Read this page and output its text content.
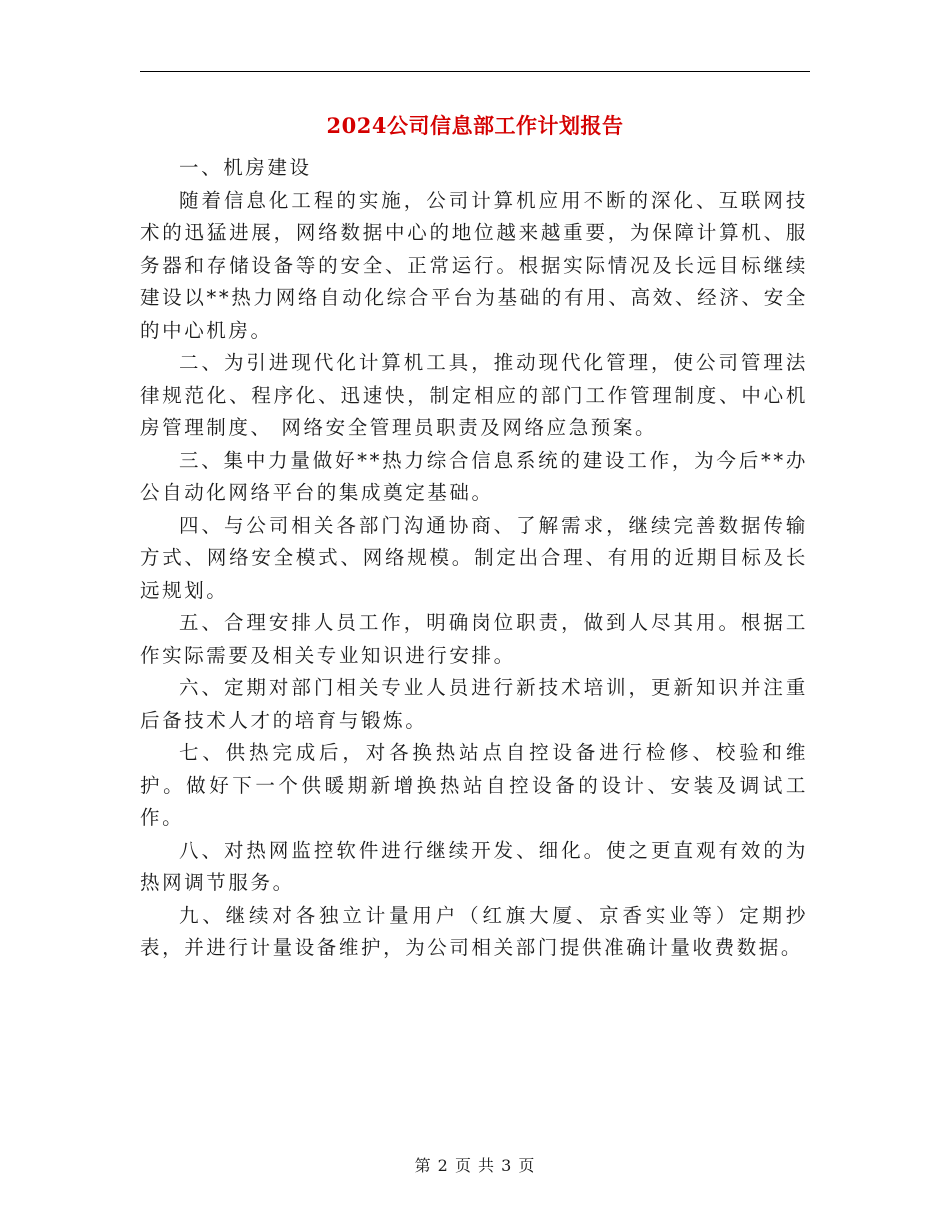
2024公司信息部工作计划报告

一、机房建设

随着信息化工程的实施，公司计算机应用不断的深化、互联网技术的迅猛进展，网络数据中心的地位越来越重要，为保障计算机、服务器和存储设备等的安全、正常运行。根据实际情况及长远目标继续建设以**热力网络自动化综合平台为基础的有用、高效、经济、安全的中心机房。

二、为引进现代化计算机工具，推动现代化管理，使公司管理法律规范化、程序化、迅速快，制定相应的部门工作管理制度、中心机房管理制度、 网络安全管理员职责及网络应急预案。

三、集中力量做好**热力综合信息系统的建设工作，为今后**办公自动化网络平台的集成奠定基础。

四、与公司相关各部门沟通协商、了解需求，继续完善数据传输方式、网络安全模式、网络规模。制定出合理、有用的近期目标及长远规划。

五、合理安排人员工作，明确岗位职责，做到人尽其用。根据工作实际需要及相关专业知识进行安排。

六、定期对部门相关专业人员进行新技术培训，更新知识并注重后备技术人才的培育与锻炼。

七、供热完成后，对各换热站点自控设备进行检修、校验和维护。做好下一个供暖期新增换热站自控设备的设计、安装及调试工作。

八、对热网监控软件进行继续开发、细化。使之更直观有效的为热网调节服务。

九、继续对各独立计量用户（红旗大厦、京香实业等）定期抄表，并进行计量设备维护，为公司相关部门提供准确计量收费数据。

第 2 页 共 3 页
